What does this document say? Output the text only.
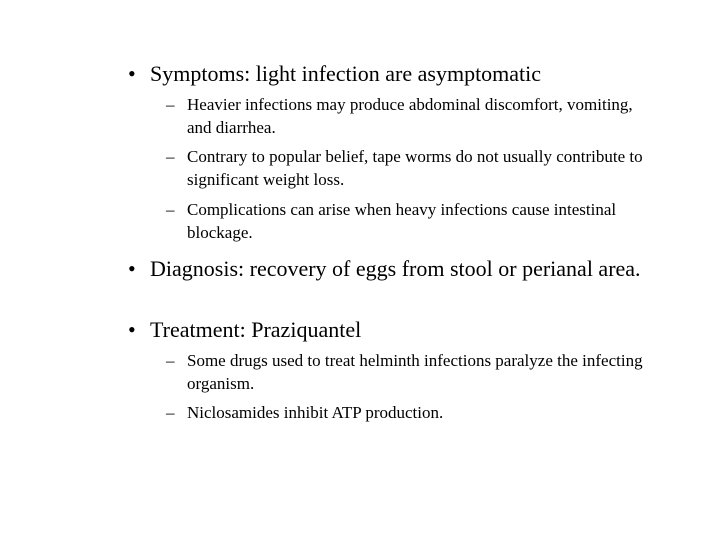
• Symptoms: light infection are asymptomatic
– Heavier infections may produce abdominal discomfort, vomiting, and diarrhea.
– Contrary to popular belief, tape worms do not usually contribute to significant weight loss.
– Complications can arise when heavy infections cause intestinal blockage.
• Diagnosis: recovery of eggs from stool or perianal area.
• Treatment: Praziquantel
– Some drugs used to treat helminth infections paralyze the infecting organism.
– Niclosamides inhibit ATP production.
